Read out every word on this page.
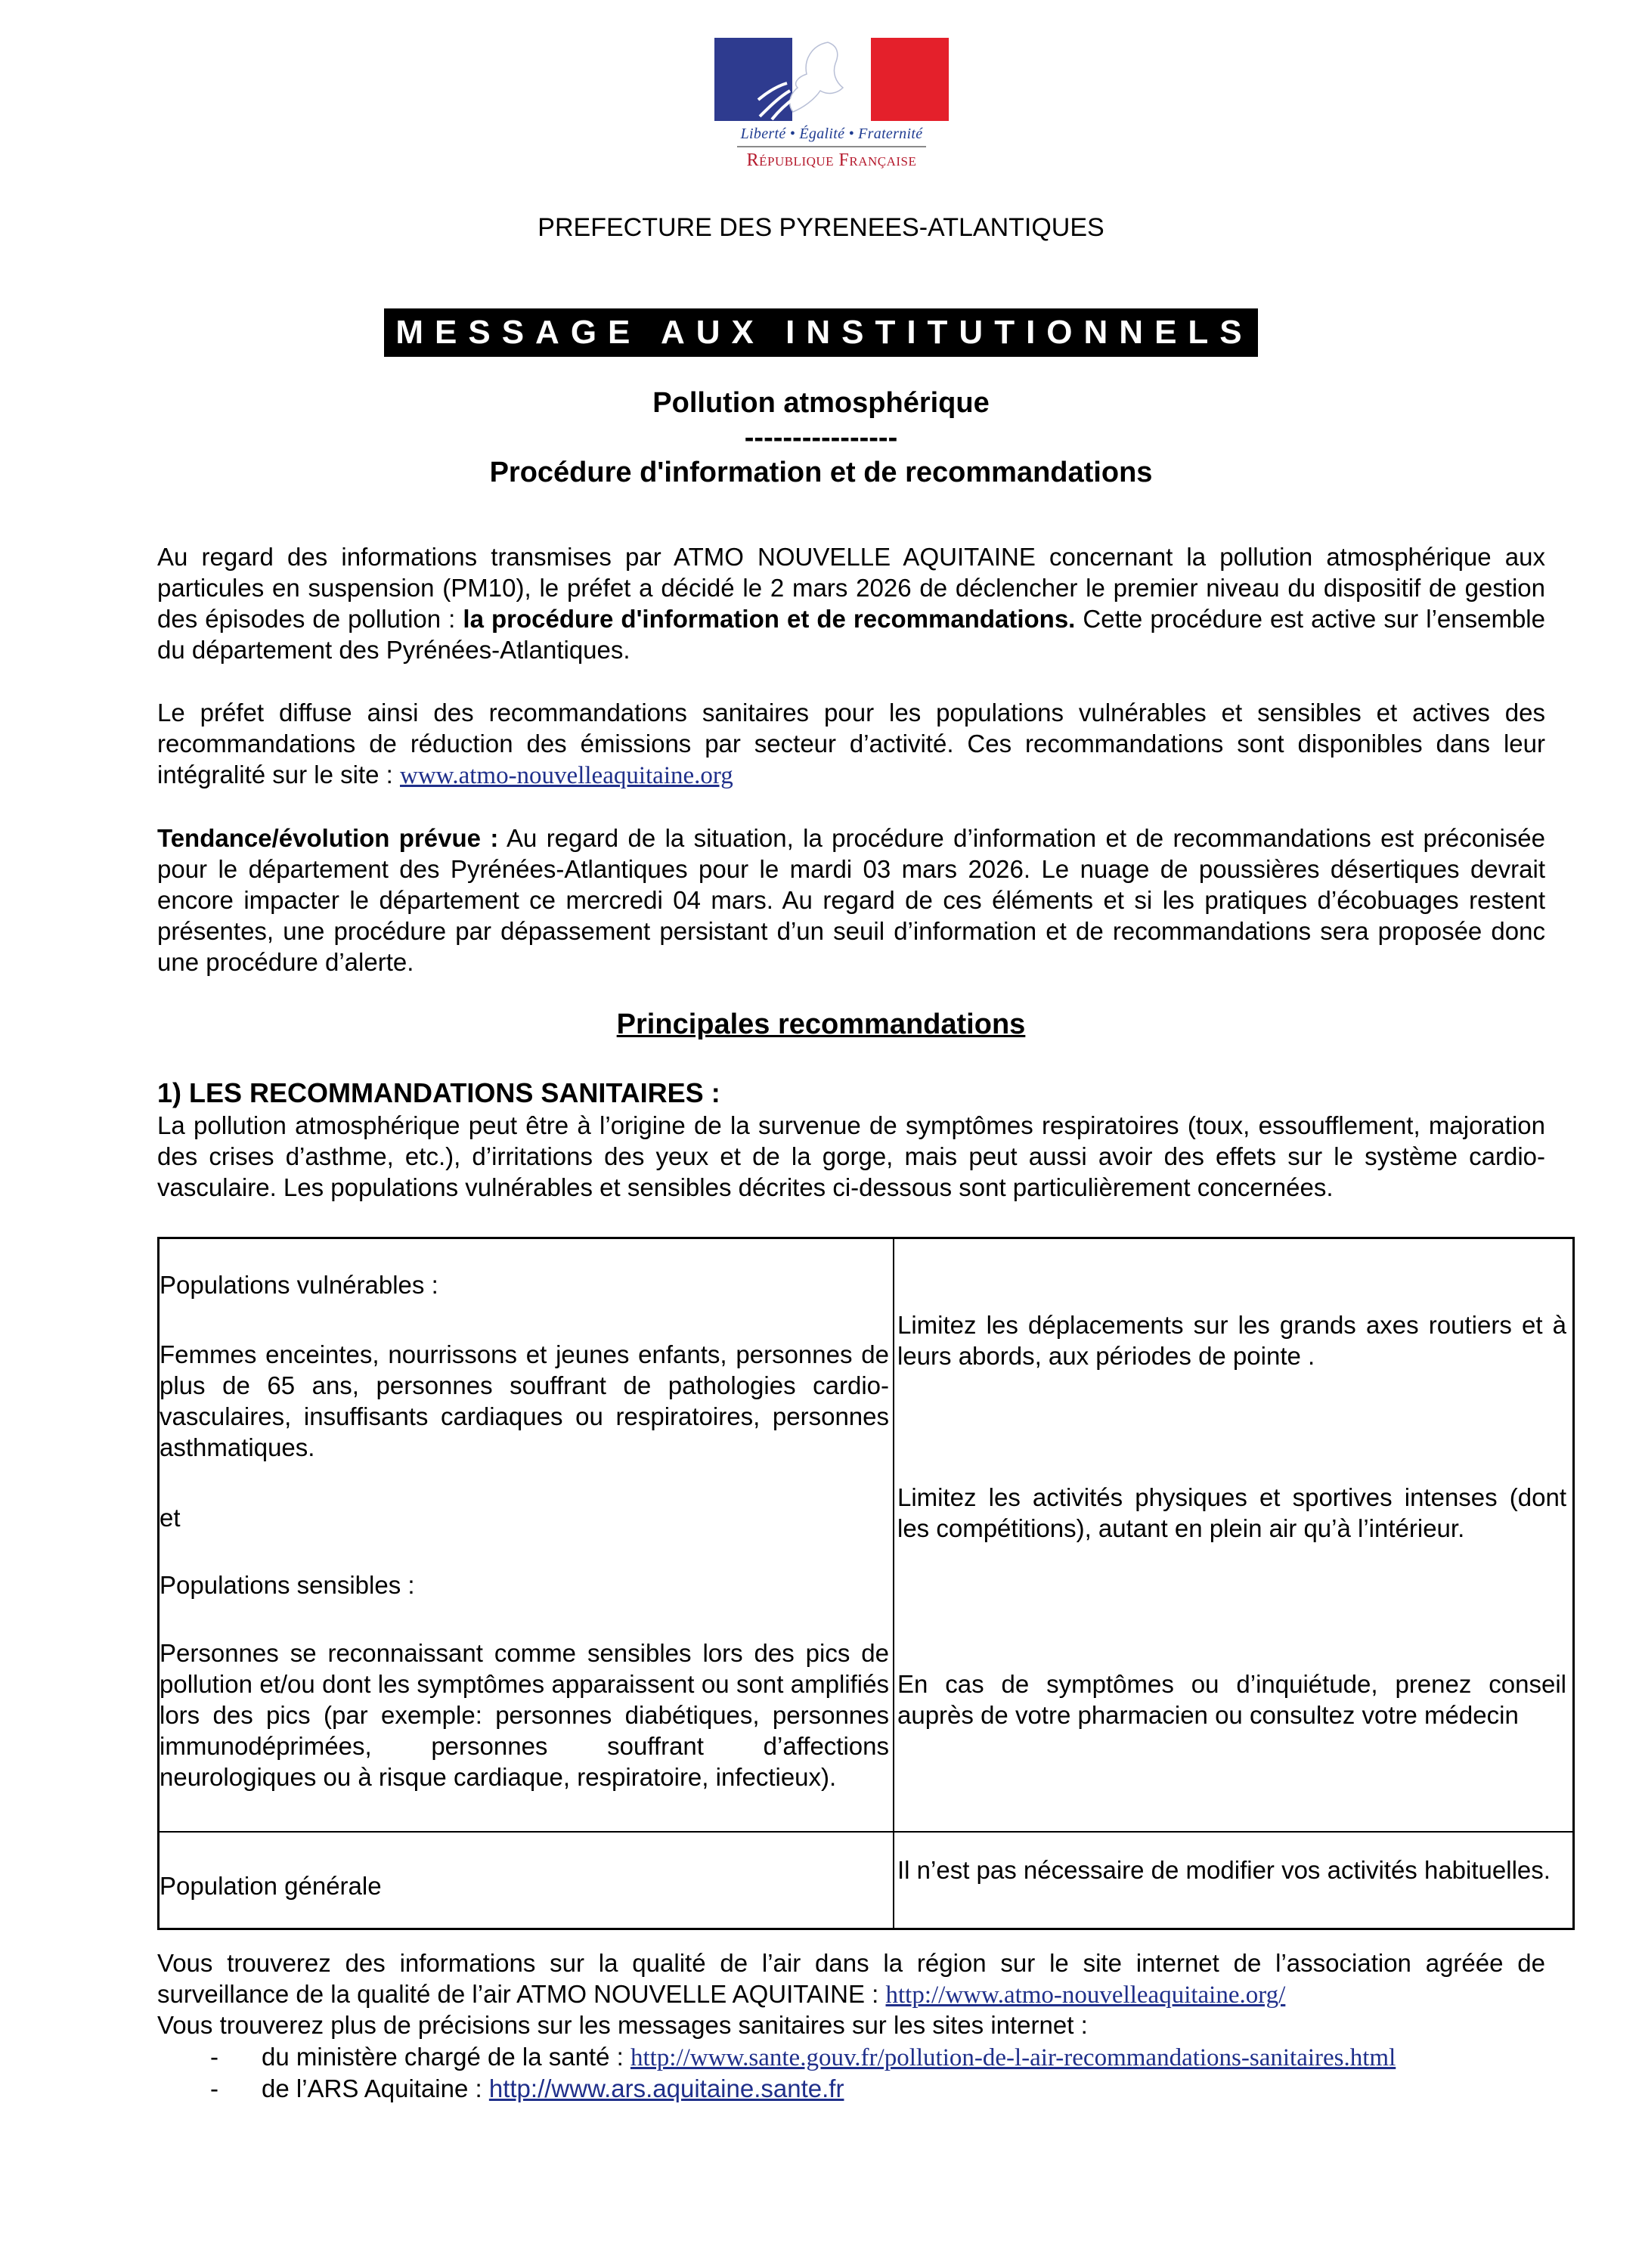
Liberté • Égalité • Fraternité
République Française
PREFECTURE DES PYRENEES-ATLANTIQUES
MESSAGE AUX INSTITUTIONNELS
Pollution atmosphérique
----------------
Procédure d'information et de recommandations

Au regard des informations transmises par ATMO NOUVELLE AQUITAINE concernant la pollution atmosphérique aux particules en suspension (PM10), le préfet a décidé le 2 mars 2026 de déclencher le premier niveau du dispositif de gestion des épisodes de pollution : la procédure d'information et de recommandations. Cette procédure est active sur l’ensemble du département des Pyrénées-Atlantiques.

Le préfet diffuse ainsi des recommandations sanitaires pour les populations vulnérables et sensibles et actives des recommandations de réduction des émissions par secteur d’activité. Ces recommandations sont disponibles dans leur intégralité sur le site : www.atmo-nouvelleaquitaine.org

Tendance/évolution prévue : Au regard de la situation, la procédure d’information et de recommandations est préconisée pour le département des Pyrénées-Atlantiques pour le mardi 03 mars 2026. Le nuage de poussières désertiques devrait encore impacter le département ce mercredi 04 mars. Au regard de ces éléments et si les pratiques d’écobuages restent présentes, une procédure par dépassement persistant d’un seuil d’information et de recommandations sera proposée donc une procédure d’alerte.

Principales recommandations
1) LES RECOMMANDATIONS SANITAIRES :

La pollution atmosphérique peut être à l’origine de la survenue de symptômes respiratoires (toux, essoufflement, majoration des crises d’asthme, etc.), d’irritations des yeux et de la gorge, mais peut aussi avoir des effets sur le système cardio-vasculaire. Les populations vulnérables et sensibles décrites ci-dessous sont particulièrement concernées.

Populations vulnérables :

Femmes enceintes, nourrissons et jeunes enfants, personnes de plus de 65 ans, personnes souffrant de pathologies cardio-vasculaires, insuffisants cardiaques ou respiratoires, personnes asthmatiques.

et

Populations sensibles :

Personnes se reconnaissant comme sensibles lors des pics de pollution et/ou dont les symptômes apparaissent ou sont amplifiés lors des pics (par exemple: personnes diabétiques, personnes immunodéprimées, personnes souffrant d’affections neurologiques ou à risque cardiaque, respiratoire, infectieux).

Limitez les déplacements sur les grands axes routiers et à leurs abords, aux périodes de pointe .

Limitez les activités physiques et sportives intenses (dont les compétitions), autant en plein air qu’à l’intérieur.

En cas de symptômes ou d’inquiétude, prenez conseil auprès de votre pharmacien ou consultez votre médecin

Population générale

Il n’est pas nécessaire de modifier vos activités habituelles.

Vous trouverez des informations sur la qualité de l’air dans la région sur le site internet de l’association agréée de surveillance de la qualité de l’air ATMO NOUVELLE AQUITAINE : http://www.atmo-nouvelleaquitaine.org/

Vous trouverez plus de précisions sur les messages sanitaires sur les sites internet :

- du ministère chargé de la santé : http://www.sante.gouv.fr/pollution-de-l-air-recommandations-sanitaires.html
- de l’ARS Aquitaine : http://www.ars.aquitaine.sante.fr
